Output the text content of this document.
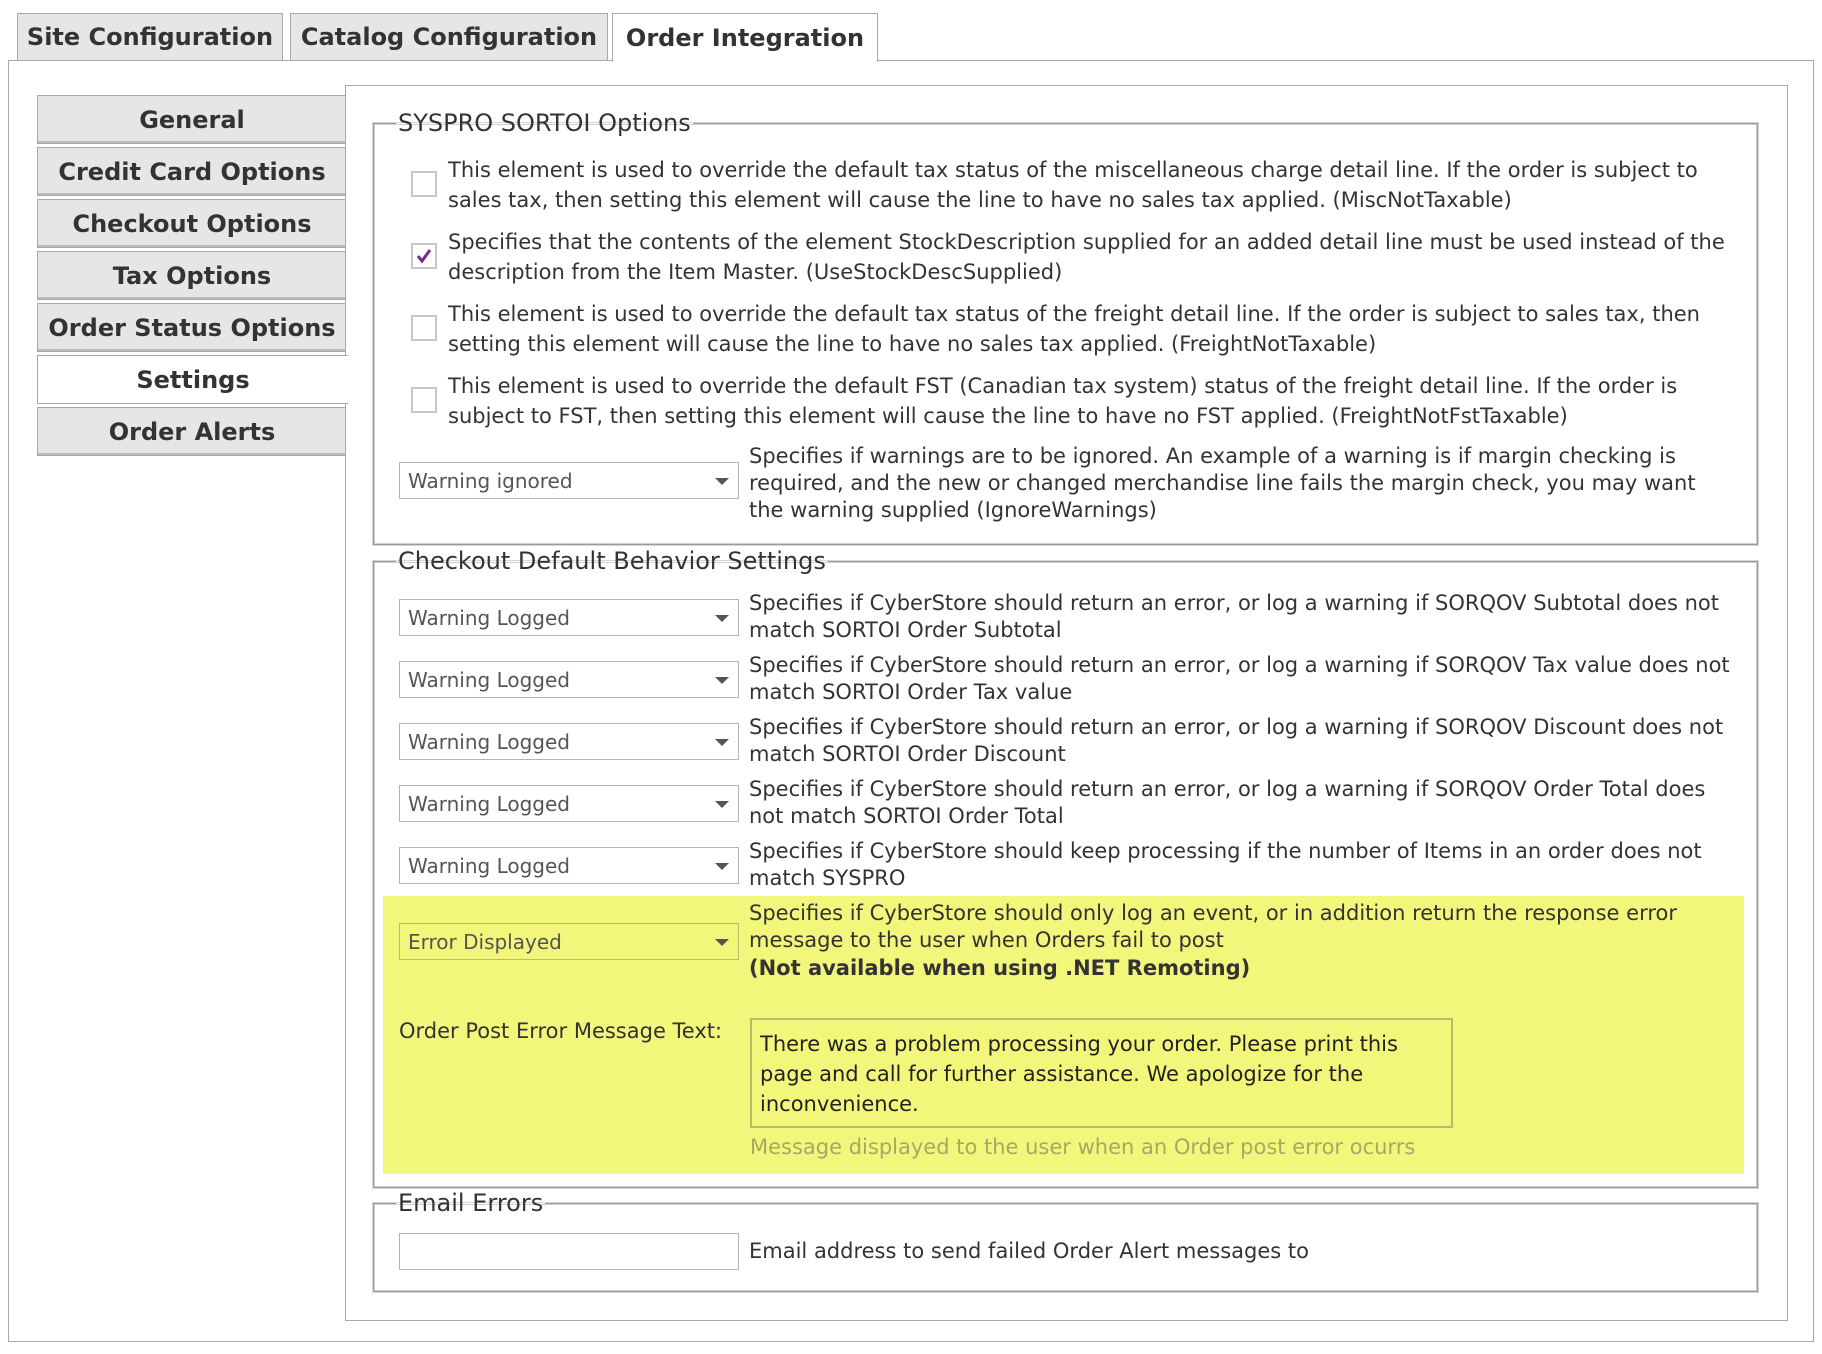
Site Configuration	Catalog Configuration	Order Integration
General
Credit Card Options
Checkout Options
Tax Options
Order Status Options
Settings
Order Alerts
SYSPRO SORTOI Options
This element is used to override the default tax status of the miscellaneous charge detail line. If the order is subject to sales tax, then setting this element will cause the line to have no sales tax applied. (MiscNotTaxable)
Specifies that the contents of the element StockDescription supplied for an added detail line must be used instead of the description from the Item Master. (UseStockDescSupplied)
This element is used to override the default tax status of the freight detail line. If the order is subject to sales tax, then setting this element will cause the line to have no sales tax applied. (FreightNotTaxable)
This element is used to override the default FST (Canadian tax system) status of the freight detail line. If the order is subject to FST, then setting this element will cause the line to have no FST applied. (FreightNotFstTaxable)
Warning ignored
Specifies if warnings are to be ignored. An example of a warning is if margin checking is required, and the new or changed merchandise line fails the margin check, you may want the warning supplied (IgnoreWarnings)
Checkout Default Behavior Settings
Warning Logged
Specifies if CyberStore should return an error, or log a warning if SORQOV Subtotal does not match SORTOI Order Subtotal
Warning Logged
Specifies if CyberStore should return an error, or log a warning if SORQOV Tax value does not match SORTOI Order Tax value
Warning Logged
Specifies if CyberStore should return an error, or log a warning if SORQOV Discount does not match SORTOI Order Discount
Warning Logged
Specifies if CyberStore should return an error, or log a warning if SORQOV Order Total does not match SORTOI Order Total
Warning Logged
Specifies if CyberStore should keep processing if the number of Items in an order does not match SYSPRO
Error Displayed
Specifies if CyberStore should only log an event, or in addition return the response error message to the user when Orders fail to post
(Not available when using .NET Remoting)
Order Post Error Message Text:
There was a problem processing your order. Please print this page and call for further assistance. We apologize for the inconvenience.
Message displayed to the user when an Order post error ocurrs
Email Errors
Email address to send failed Order Alert messages to
